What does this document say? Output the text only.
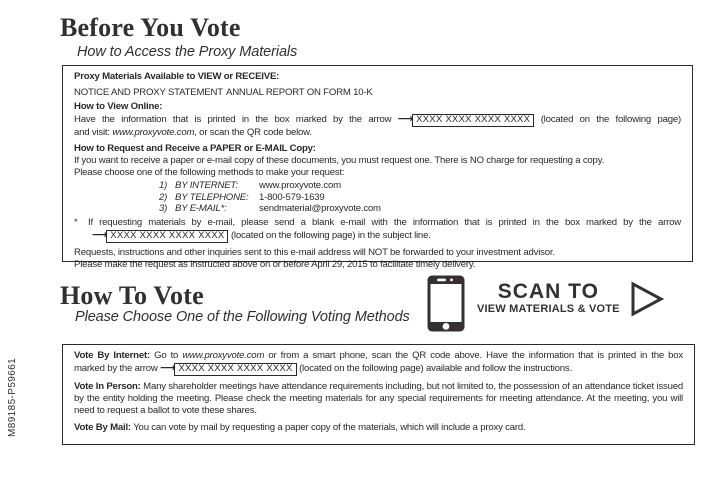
Before You Vote
How to Access the Proxy Materials
Proxy Materials Available to VIEW or RECEIVE:
NOTICE AND PROXY STATEMENT ANNUAL REPORT ON FORM 10-K
How to View Online:
Have the information that is printed in the box marked by the arrow ⟶ XXXX XXXX XXXX XXXX (located on the following page)
and visit: www.proxyvote.com, or scan the QR code below.
How to Request and Receive a PAPER or E-MAIL Copy:
If you want to receive a paper or e-mail copy of these documents, you must request one. There is NO charge for requesting a copy.
Please choose one of the following methods to make your request:
1) BY INTERNET:	www.proxyvote.com
2) BY TELEPHONE:	1-800-579-1639
3) BY E-MAIL*:	sendmaterial@proxyvote.com
* If requesting materials by e-mail, please send a blank e-mail with the information that is printed in the box marked by the arrow
⟶ XXXX XXXX XXXX XXXX (located on the following page) in the subject line.
Requests, instructions and other inquiries sent to this e-mail address will NOT be forwarded to your investment advisor.
Please make the request as instructed above on or before April 29, 2015 to facilitate timely delivery.
How To Vote
Please Choose One of the Following Voting Methods
SCAN TO
VIEW MATERIALS & VOTE
Vote By Internet: Go to www.proxyvote.com or from a smart phone, scan the QR code above. Have the information that is printed in the box
marked by the arrow ⟶ XXXX XXXX XXXX XXXX (located on the following page) available and follow the instructions.
Vote In Person: Many shareholder meetings have attendance requirements including, but not limited to, the possession of an attendance ticket issued by the entity holding the meeting. Please check the meeting materials for any special requirements for meeting attendance. At the meeting, you will need to request a ballot to vote these shares.
Vote By Mail: You can vote by mail by requesting a paper copy of the materials, which will include a proxy card.
M89185-P59661
